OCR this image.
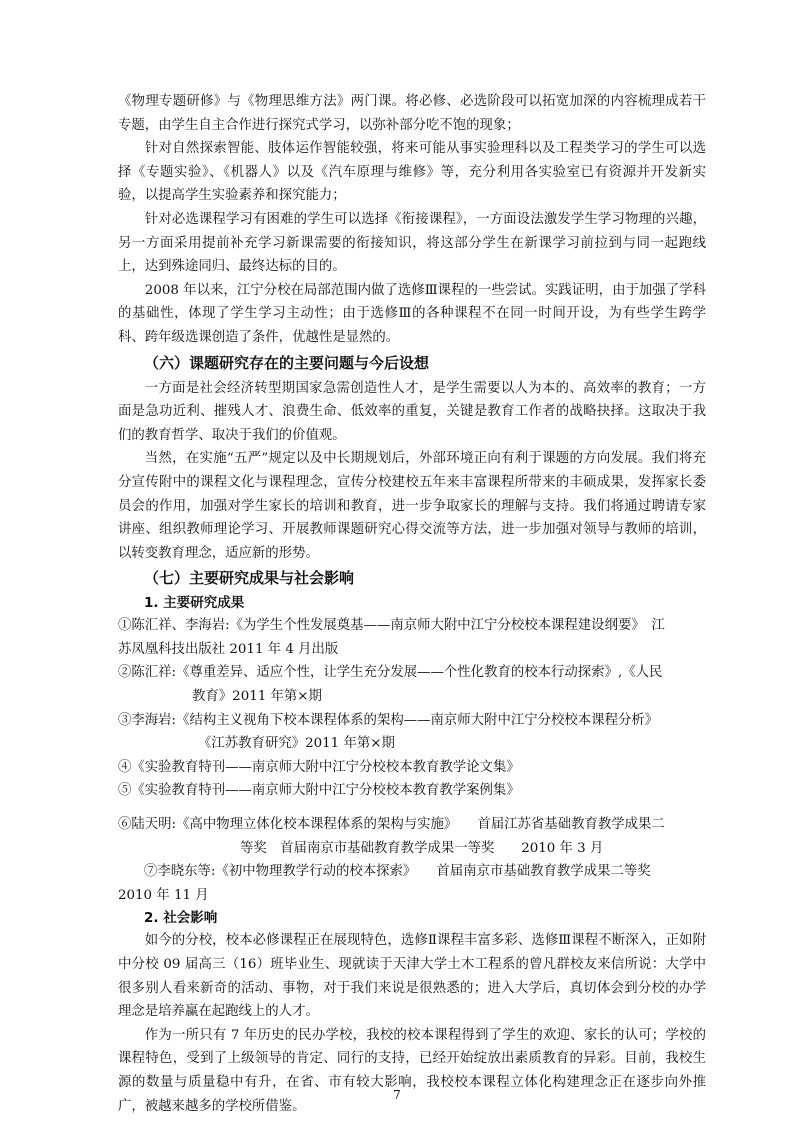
《物理专题研修》与《物理思维方法》两门课。将必修、必选阶段可以拓宽加深的内容梳理成若干专题，由学生自主合作进行探究式学习，以弥补部分吃不饱的现象；

针对自然探索智能、肢体运作智能较强，将来可能从事实验理科以及工程类学习的学生可以选择《专题实验》、《机器人》以及《汽车原理与维修》等，充分利用各实验室已有资源并开发新实验，以提高学生实验素养和探究能力；

针对必选课程学习有困难的学生可以选择《衔接课程》，一方面设法激发学生学习物理的兴趣，另一方面采用提前补充学习新课需要的衔接知识，将这部分学生在新课学习前拉到与同一起跑线上，达到殊途同归、最终达标的目的。

2008 年以来，江宁分校在局部范围内做了选修Ⅲ课程的一些尝试。实践证明，由于加强了学科的基础性，体现了学生学习主动性；由于选修Ⅲ的各种课程不在同一时间开设，为有些学生跨学科、跨年级选课创造了条件，优越性是显然的。

（六）课题研究存在的主要问题与今后设想

一方面是社会经济转型期国家急需创造性人才，是学生需要以人为本的、高效率的教育；一方面是急功近利、摧残人才、浪费生命、低效率的重复，关键是教育工作者的战略抉择。这取决于我们的教育哲学、取决于我们的价值观。

当然，在实施“五严”规定以及中长期规划后，外部环境正向有利于课题的方向发展。我们将充分宣传附中的课程文化与课程理念，宣传分校建校五年来丰富课程所带来的丰硕成果，发挥家长委员会的作用，加强对学生家长的培训和教育，进一步争取家长的理解与支持。我们将通过聘请专家讲座、组织教师理论学习、开展教师课题研究心得交流等方法，进一步加强对领导与教师的培训，以转变教育理念，适应新的形势。

（七）主要研究成果与社会影响
1. 主要研究成果
①陈汇祥、李海岩:《为学生个性发展奠基——南京师大附中江宁分校校本课程建设纲要》　江
苏凤凰科技出版社 2011 年 4 月出版
②陈汇祥:《尊重差异、适应个性，让学生充分发展——个性化教育的校本行动探索》,《人民
教育》2011 年第×期
③李海岩:《结构主义视角下校本课程体系的架构——南京师大附中江宁分校校本课程分析》
《江苏教育研究》2011 年第×期
④《实验教育特刊——南京师大附中江宁分校校本教育教学论文集》
⑤《实验教育特刊——南京师大附中江宁分校校本教育教学案例集》
⑥陆天明:《高中物理立体化校本课程体系的架构与实施》　　首届江苏省基础教育教学成果二
等奖　首届南京市基础教育教学成果一等奖　　2010 年 3 月
⑦李晓东等:《初中物理教学行动的校本探索》　　首届南京市基础教育教学成果二等奖
2010 年 11 月
2. 社会影响

如今的分校，校本必修课程正在展现特色，选修Ⅱ课程丰富多彩、选修Ⅲ课程不断深入，正如附中分校 09 届高三（16）班毕业生、现就读于天津大学土木工程系的曾凡群校友来信所说：大学中很多别人看来新奇的活动、事物，对于我们来说是很熟悉的；进入大学后，真切体会到分校的办学理念是培养赢在起跑线上的人才。

作为一所只有 7 年历史的民办学校，我校的校本课程得到了学生的欢迎、家长的认可；学校的课程特色，受到了上级领导的肯定、同行的支持，已经开始绽放出素质教育的异彩。目前，我校生源的数量与质量稳中有升，在省、市有较大影响，我校校本课程立体化构建理念正在逐步向外推广，被越来越多的学校所借鉴。

7
